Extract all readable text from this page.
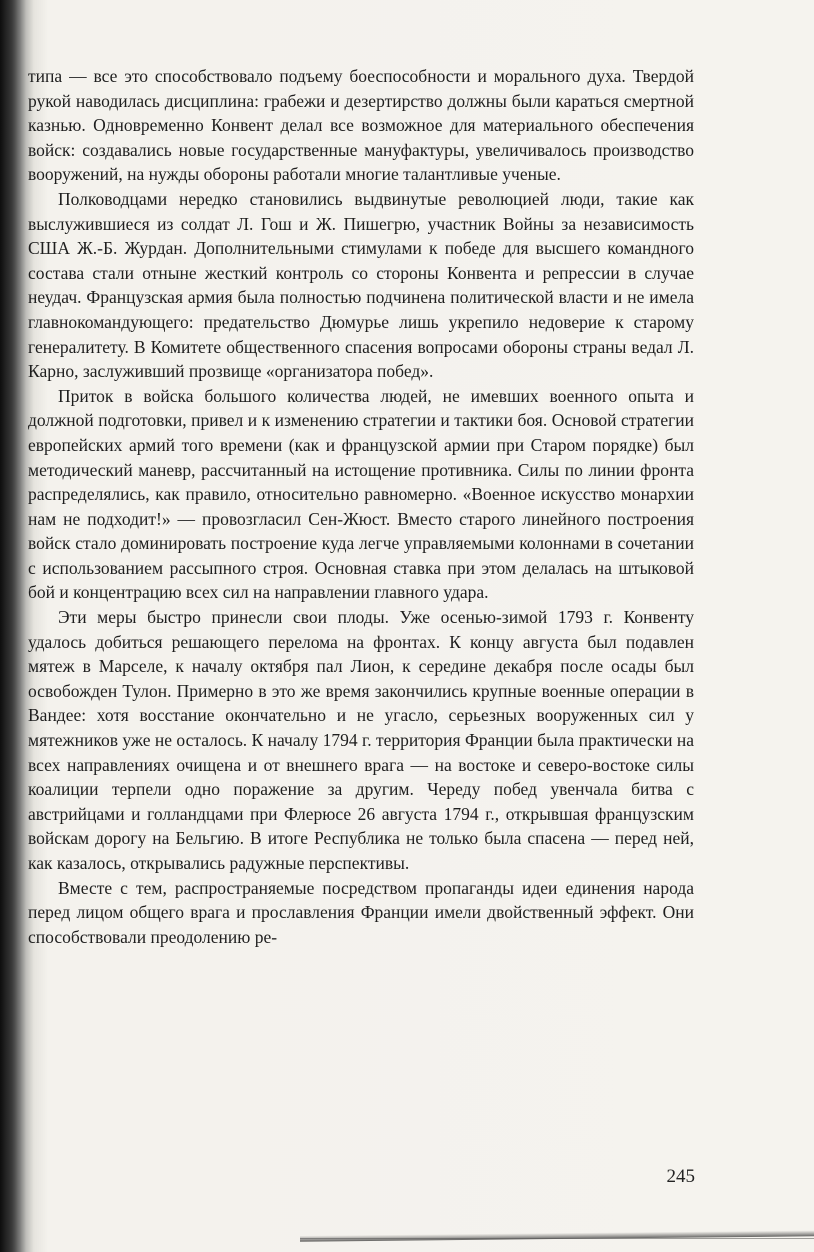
типа — все это способствовало подъему боеспособности и морального духа. Твердой рукой наводилась дисциплина: грабежи и дезертирство должны были караться смертной казнью. Одновременно Конвент делал все возможное для материального обеспечения войск: создавались новые государственные мануфактуры, увеличивалось производство вооружений, на нужды обороны работали многие талантливые ученые.

Полководцами нередко становились выдвинутые революцией люди, такие как выслужившиеся из солдат Л. Гош и Ж. Пишегрю, участник Войны за независимость США Ж.-Б. Журдан. Дополнительными стимулами к победе для высшего командного состава стали отныне жесткий контроль со стороны Конвента и репрессии в случае неудач. Французская армия была полностью подчинена политической власти и не имела главнокомандующего: предательство Дюмурье лишь укрепило недоверие к старому генералитету. В Комитете общественного спасения вопросами обороны страны ведал Л. Карно, заслуживший прозвище «организатора побед».

Приток в войска большого количества людей, не имевших военного опыта и должной подготовки, привел и к изменению стратегии и тактики боя. Основой стратегии европейских армий того времени (как и французской армии при Старом порядке) был методический маневр, рассчитанный на истощение противника. Силы по линии фронта распределялись, как правило, относительно равномерно. «Военное искусство монархии нам не подходит!» — провозгласил Сен-Жюст. Вместо старого линейного построения войск стало доминировать построение куда легче управляемыми колоннами в сочетании с использованием рассыпного строя. Основная ставка при этом делалась на штыковой бой и концентрацию всех сил на направлении главного удара.

Эти меры быстро принесли свои плоды. Уже осенью-зимой 1793 г. Конвенту удалось добиться решающего перелома на фронтах. К концу августа был подавлен мятеж в Марселе, к началу октября пал Лион, к середине декабря после осады был освобожден Тулон. Примерно в это же время закончились крупные военные операции в Вандее: хотя восстание окончательно и не угасло, серьезных вооруженных сил у мятежников уже не осталось. К началу 1794 г. территория Франции была практически на всех направлениях очищена и от внешнего врага — на востоке и северо-востоке силы коалиции терпели одно поражение за другим. Череду побед увенчала битва с австрийцами и голландцами при Флерюсе 26 августа 1794 г., открывшая французским войскам дорогу на Бельгию. В итоге Республика не только была спасена — перед ней, как казалось, открывались радужные перспективы.

Вместе с тем, распространяемые посредством пропаганды идеи единения народа перед лицом общего врага и прославления Франции имели двойственный эффект. Они способствовали преодолению ре-

245
